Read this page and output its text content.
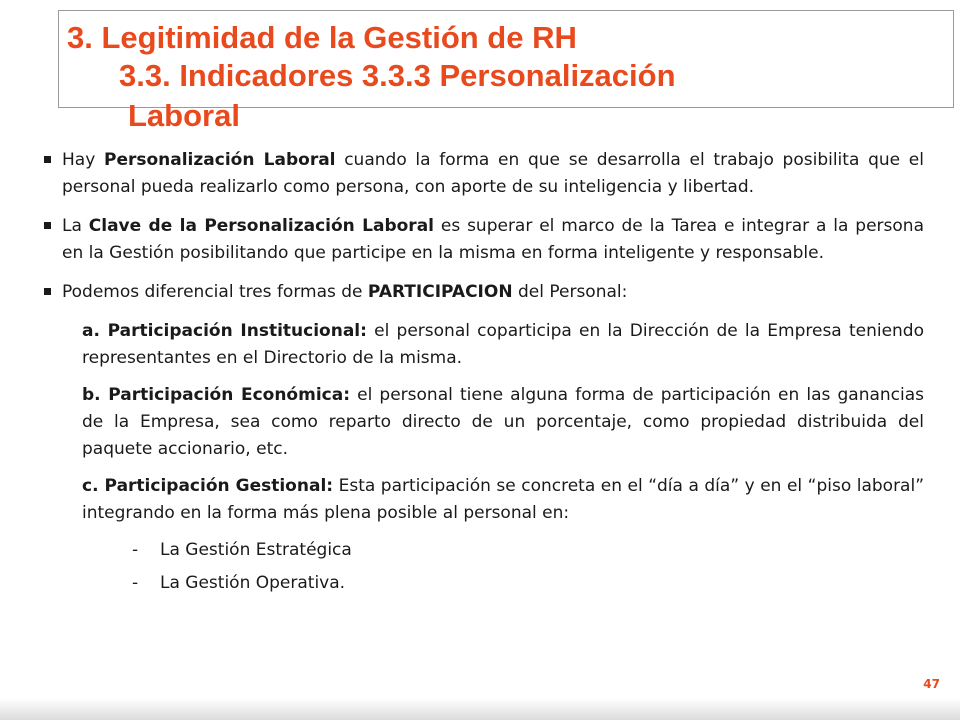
3. Legitimidad de la Gestión de RH
3.3. Indicadores 3.3.3 Personalización
Laboral
Hay Personalización Laboral cuando la forma en que se desarrolla el trabajo posibilita que el personal pueda realizarlo como persona, con aporte de su inteligencia y libertad.
La Clave de la Personalización Laboral es superar el marco de la Tarea e integrar a la persona en la Gestión posibilitando que participe en la misma en forma inteligente y responsable.
Podemos diferencial tres formas de PARTICIPACION del Personal:
a. Participación Institucional: el personal coparticipa en la Dirección de la Empresa teniendo representantes en el Directorio de la misma.
b. Participación Económica: el personal tiene alguna forma de participación en las ganancias de la Empresa, sea como reparto directo de un porcentaje, como propiedad distribuida del paquete accionario, etc.
c. Participación Gestional: Esta participación se concreta en el “día a día” y en el “piso laboral” integrando en la forma más plena posible al personal en:
- La Gestión Estratégica
- La Gestión Operativa.
47
